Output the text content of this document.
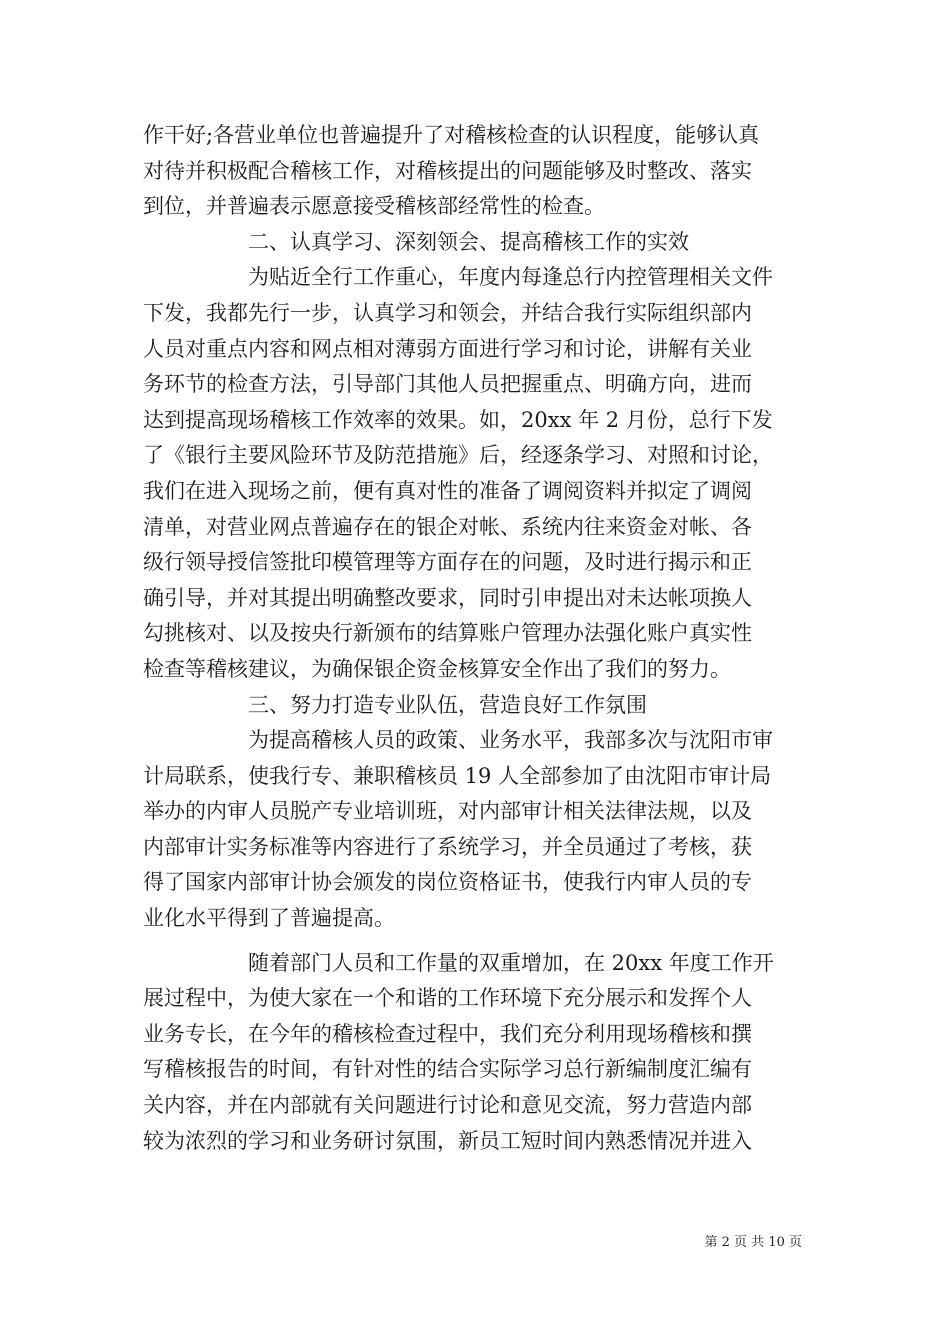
作干好;各营业单位也普遍提升了对稽核检查的认识程度，能够认真
对待并积极配合稽核工作，对稽核提出的问题能够及时整改、落实
到位，并普遍表示愿意接受稽核部经常性的检查。
二、认真学习、深刻领会、提高稽核工作的实效
为贴近全行工作重心，年度内每逢总行内控管理相关文件
下发，我都先行一步，认真学习和领会，并结合我行实际组织部内
人员对重点内容和网点相对薄弱方面进行学习和讨论，讲解有关业
务环节的检查方法，引导部门其他人员把握重点、明确方向，进而
达到提高现场稽核工作效率的效果。如，20xx 年 2 月份，总行下发
了《银行主要风险环节及防范措施》后，经逐条学习、对照和讨论，
我们在进入现场之前，便有真对性的准备了调阅资料并拟定了调阅
清单，对营业网点普遍存在的银企对帐、系统内往来资金对帐、各
级行领导授信签批印模管理等方面存在的问题，及时进行揭示和正
确引导，并对其提出明确整改要求，同时引申提出对未达帐项换人
勾挑核对、以及按央行新颁布的结算账户管理办法强化账户真实性
检查等稽核建议，为确保银企资金核算安全作出了我们的努力。
三、努力打造专业队伍，营造良好工作氛围
为提高稽核人员的政策、业务水平，我部多次与沈阳市审
计局联系，使我行专、兼职稽核员 19 人全部参加了由沈阳市审计局
举办的内审人员脱产专业培训班，对内部审计相关法律法规，以及
内部审计实务标准等内容进行了系统学习，并全员通过了考核，获
得了国家内部审计协会颁发的岗位资格证书，使我行内审人员的专
业化水平得到了普遍提高。
随着部门人员和工作量的双重增加，在 20xx 年度工作开
展过程中，为使大家在一个和谐的工作环境下充分展示和发挥个人
业务专长，在今年的稽核检查过程中，我们充分利用现场稽核和撰
写稽核报告的时间，有针对性的结合实际学习总行新编制度汇编有
关内容，并在内部就有关问题进行讨论和意见交流，努力营造内部
较为浓烈的学习和业务研讨氛围，新员工短时间内熟悉情况并进入
第 2 页 共 10 页
